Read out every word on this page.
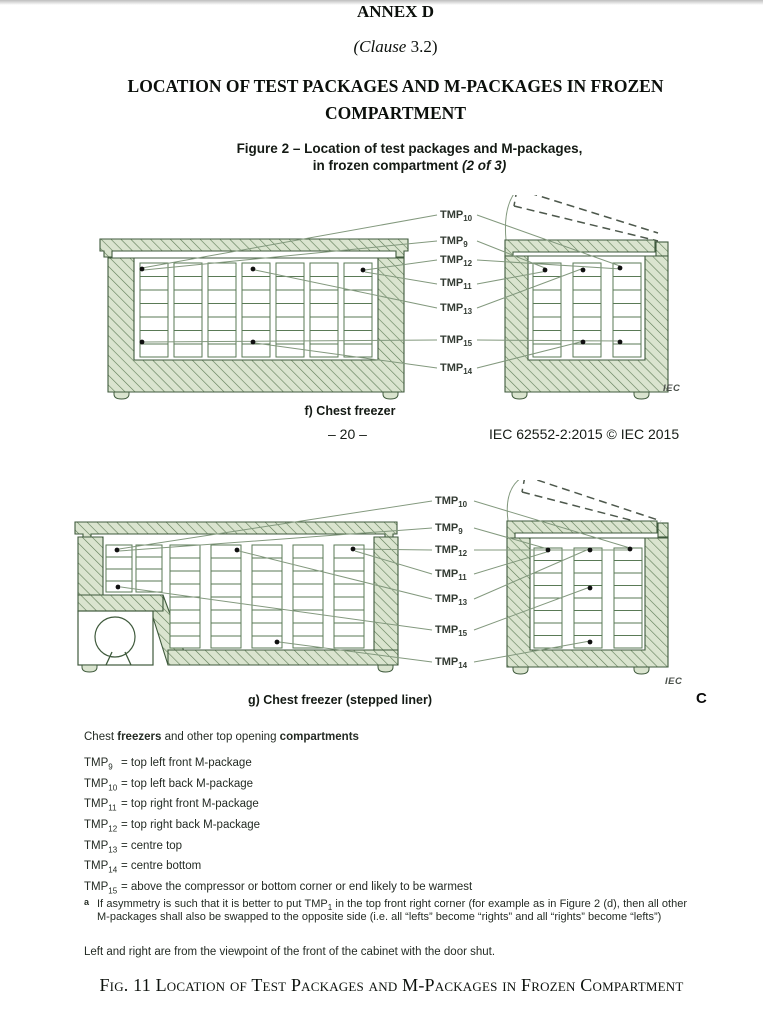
ANNEX D
(Clause 3.2)
LOCATION OF TEST PACKAGES AND M-PACKAGES IN FROZEN
COMPARTMENT
Figure 2 – Location of test packages and M-packages,
in frozen compartment (2 of 3)
$TMP_{10}$
$TMP_9$
$TMP_{12}$
$TMP_{11}$
$TMP_{13}$
$TMP_{15}$
$TMP_{14}$
IEC
f) Chest freezer
– 20 –	IEC 62552-2:2015 © IEC 2015
$TMP_{10}$
$TMP_9$
$TMP_{12}$
$TMP_{11}$
$TMP_{13}$
$TMP_{15}$
$TMP_{14}$
IEC
g) Chest freezer (stepped liner)	C
Chest freezers and other top opening compartments
$TMP_9$ = top left front M-package
$TMP_{10}$ = top left back M-package
$TMP_{11}$ = top right front M-package
$TMP_{12}$ = top right back M-package
$TMP_{13}$ = centre top
$TMP_{14}$ = centre bottom
$TMP_{15}$ = above the compressor or bottom corner or end likely to be warmest
a If asymmetry is such that it is better to put $TMP_1$ in the top front right corner (for example as in Figure 2 (d), then all other M-packages shall also be swapped to the opposite side (i.e. all “lefts” become “rights” and all “rights” become “lefts”)
Left and right are from the viewpoint of the front of the cabinet with the door shut.
Fig. 11 Location of Test Packages and M-Packages in Frozen Compartment
